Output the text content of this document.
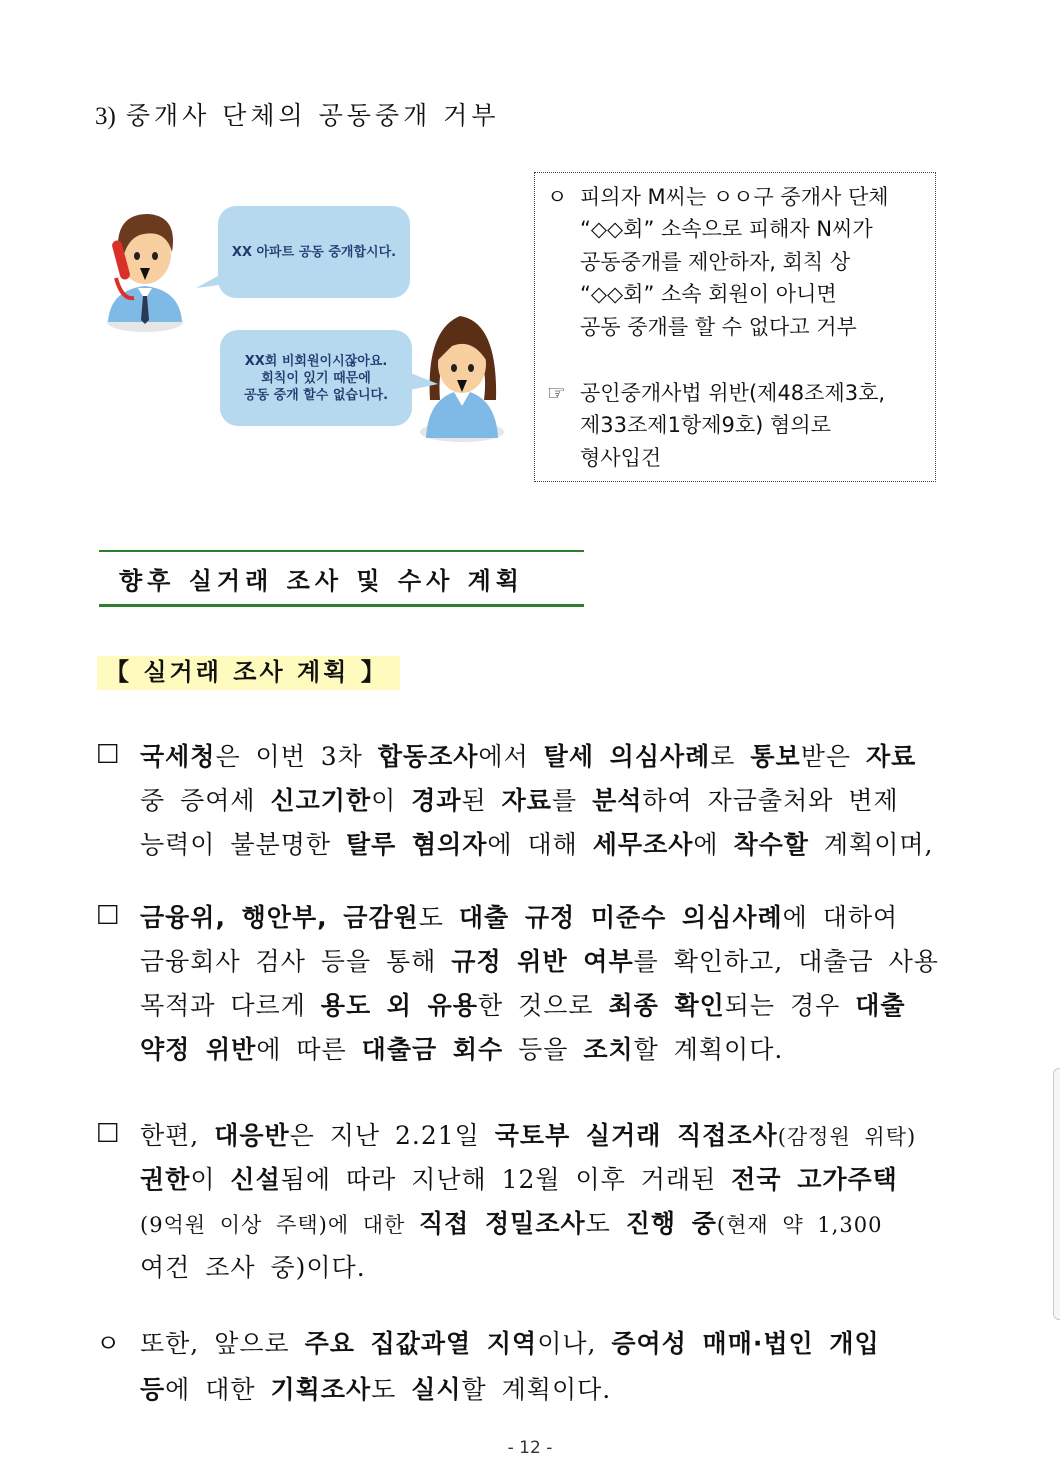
3) 중개사 단체의 공동중개 거부
XX 아파트 공동 중개합시다.
XX회 비회원이시잖아요.
회칙이 있기 때문에
공동 중개 할수 없습니다.
ㅇ 피의자 M씨는 ㅇㅇ구 중개사 단체
“◇◇회” 소속으로 피해자 N씨가
공동중개를 제안하자, 회칙 상
“◇◇회” 소속 회원이 아니면
공동 중개를 할 수 없다고 거부
☞ 공인중개사법 위반(제48조제3호,
제33조제1항제9호) 혐의로
형사입건
향후 실거래 조사 및 수사 계획
【 실거래 조사 계획 】
□ 국세청은 이번 3차 합동조사에서 탈세 의심사례로 통보받은 자료
중 증여세 신고기한이 경과된 자료를 분석하여 자금출처와 변제
능력이 불분명한 탈루 혐의자에 대해 세무조사에 착수할 계획이며,
□ 금융위, 행안부, 금감원도 대출 규정 미준수 의심사례에 대하여
금융회사 검사 등을 통해 규정 위반 여부를 확인하고, 대출금 사용
목적과 다르게 용도 외 유용한 것으로 최종 확인되는 경우 대출
약정 위반에 따른 대출금 회수 등을 조치할 계획이다.
□ 한편, 대응반은 지난 2.21일 국토부 실거래 직접조사(감정원 위탁)
권한이 신설됨에 따라 지난해 12월 이후 거래된 전국 고가주택
(9억원 이상 주택)에 대한 직접 정밀조사도 진행 중(현재 약 1,300
여건 조사 중)이다.
ㅇ 또한, 앞으로 주요 집값과열 지역이나, 증여성 매매·법인 개입
등에 대한 기획조사도 실시할 계획이다.
- 12 -
